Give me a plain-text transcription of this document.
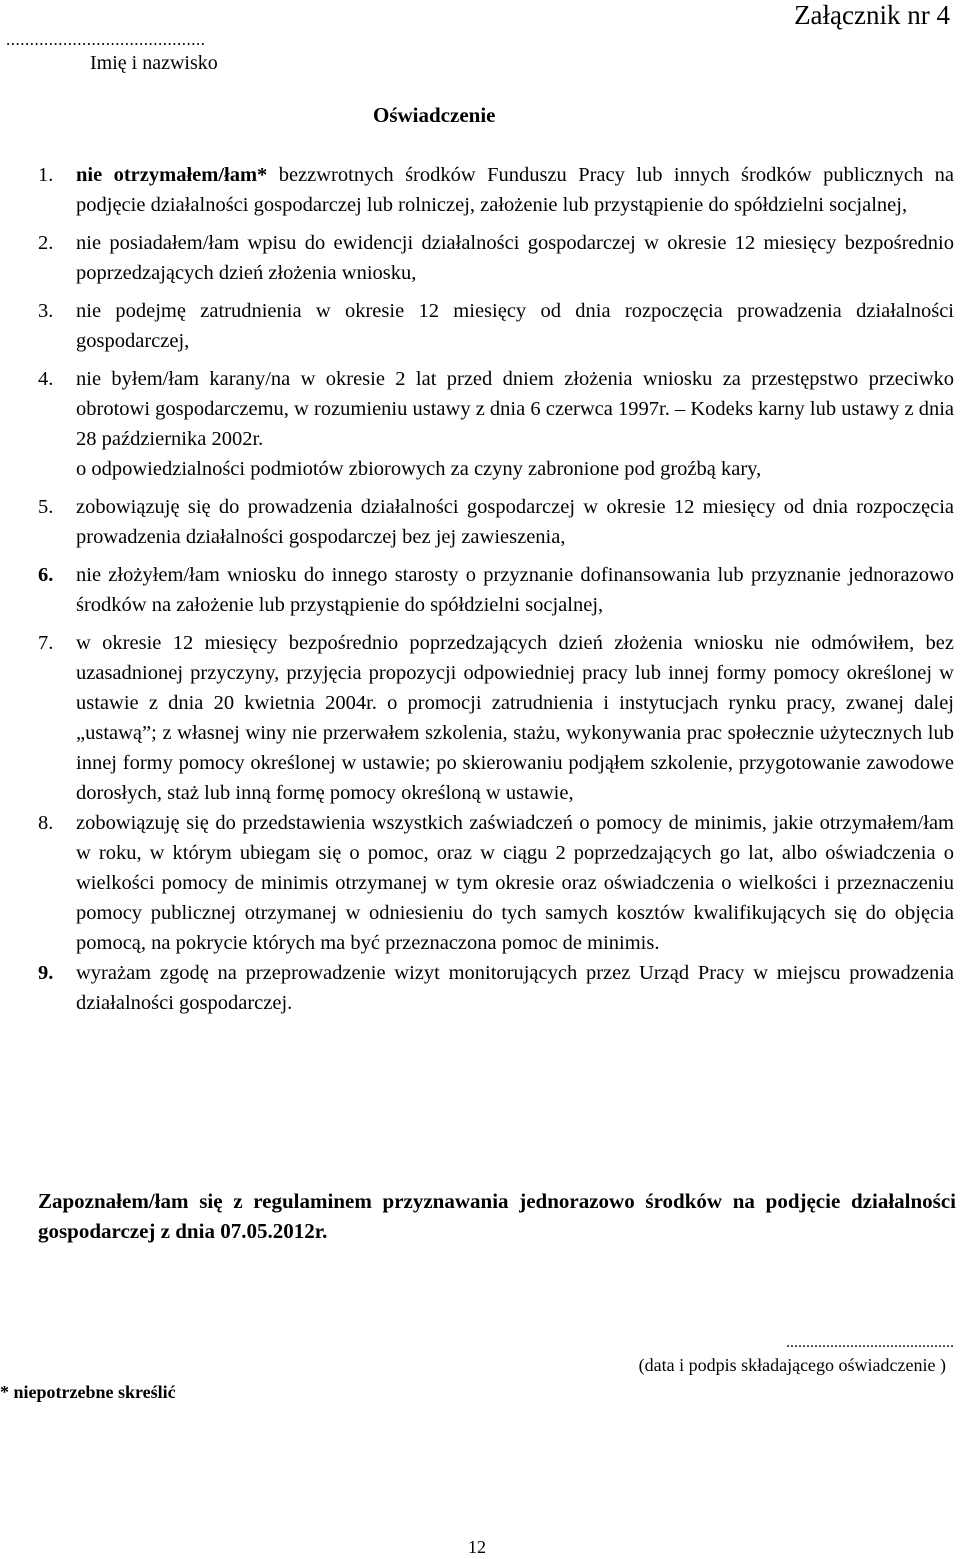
..........................................
Imię i nazwisko
Załącznik nr 4
Oświadczenie
1. nie otrzymałem/łam* bezzwrotnych środków Funduszu Pracy lub innych środków publicznych na podjęcie działalności gospodarczej lub rolniczej, założenie lub przystąpienie do spółdzielni socjalnej,
2. nie posiadałem/łam wpisu do ewidencji działalności gospodarczej w okresie 12 miesięcy bezpośrednio poprzedzających dzień złożenia wniosku,
3. nie podejmę zatrudnienia w okresie 12 miesięcy od dnia rozpoczęcia prowadzenia działalności gospodarczej,
4. nie byłem/łam karany/na w okresie 2 lat przed dniem złożenia wniosku za przestępstwo przeciwko obrotowi gospodarczemu, w rozumieniu ustawy z dnia 6 czerwca 1997r. – Kodeks karny lub ustawy z dnia 28 października 2002r.
o odpowiedzialności podmiotów zbiorowych za czyny zabronione pod groźbą kary,
5. zobowiązuję się do prowadzenia działalności gospodarczej w okresie 12 miesięcy od dnia rozpoczęcia prowadzenia działalności gospodarczej bez jej zawieszenia,
6. nie złożyłem/łam wniosku do innego starosty o przyznanie dofinansowania lub przyznanie jednorazowo środków na założenie lub przystąpienie do spółdzielni socjalnej,
7. w okresie 12 miesięcy bezpośrednio poprzedzających dzień złożenia wniosku nie odmówiłem, bez uzasadnionej przyczyny, przyjęcia propozycji odpowiedniej pracy lub innej formy pomocy określonej w ustawie z dnia 20 kwietnia 2004r. o promocji zatrudnienia i instytucjach rynku pracy, zwanej dalej „ustawą”; z własnej winy nie przerwałem szkolenia, stażu, wykonywania prac społecznie użytecznych lub innej formy pomocy określonej w ustawie; po skierowaniu podjąłem szkolenie, przygotowanie zawodowe dorosłych, staż lub inną formę pomocy określoną w ustawie,
8. zobowiązuję się do przedstawienia wszystkich zaświadczeń o pomocy de minimis, jakie otrzymałem/łam w roku, w którym ubiegam się o pomoc, oraz w ciągu 2 poprzedzających go lat, albo oświadczenia o wielkości pomocy de minimis otrzymanej w tym okresie oraz oświadczenia o wielkości i przeznaczeniu pomocy publicznej otrzymanej w odniesieniu do tych samych kosztów kwalifikujących się do objęcia pomocą, na pokrycie których ma być przeznaczona pomoc de minimis.
9. wyrażam zgodę na przeprowadzenie wizyt monitorujących przez Urząd Pracy w miejscu prowadzenia działalności gospodarczej.
Zapoznałem/łam się z regulaminem przyznawania jednorazowo środków na podjęcie działalności gospodarczej z dnia 07.05.2012r.
..........................................
(data i podpis składającego oświadczenie )
* niepotrzebne skreślić
12
